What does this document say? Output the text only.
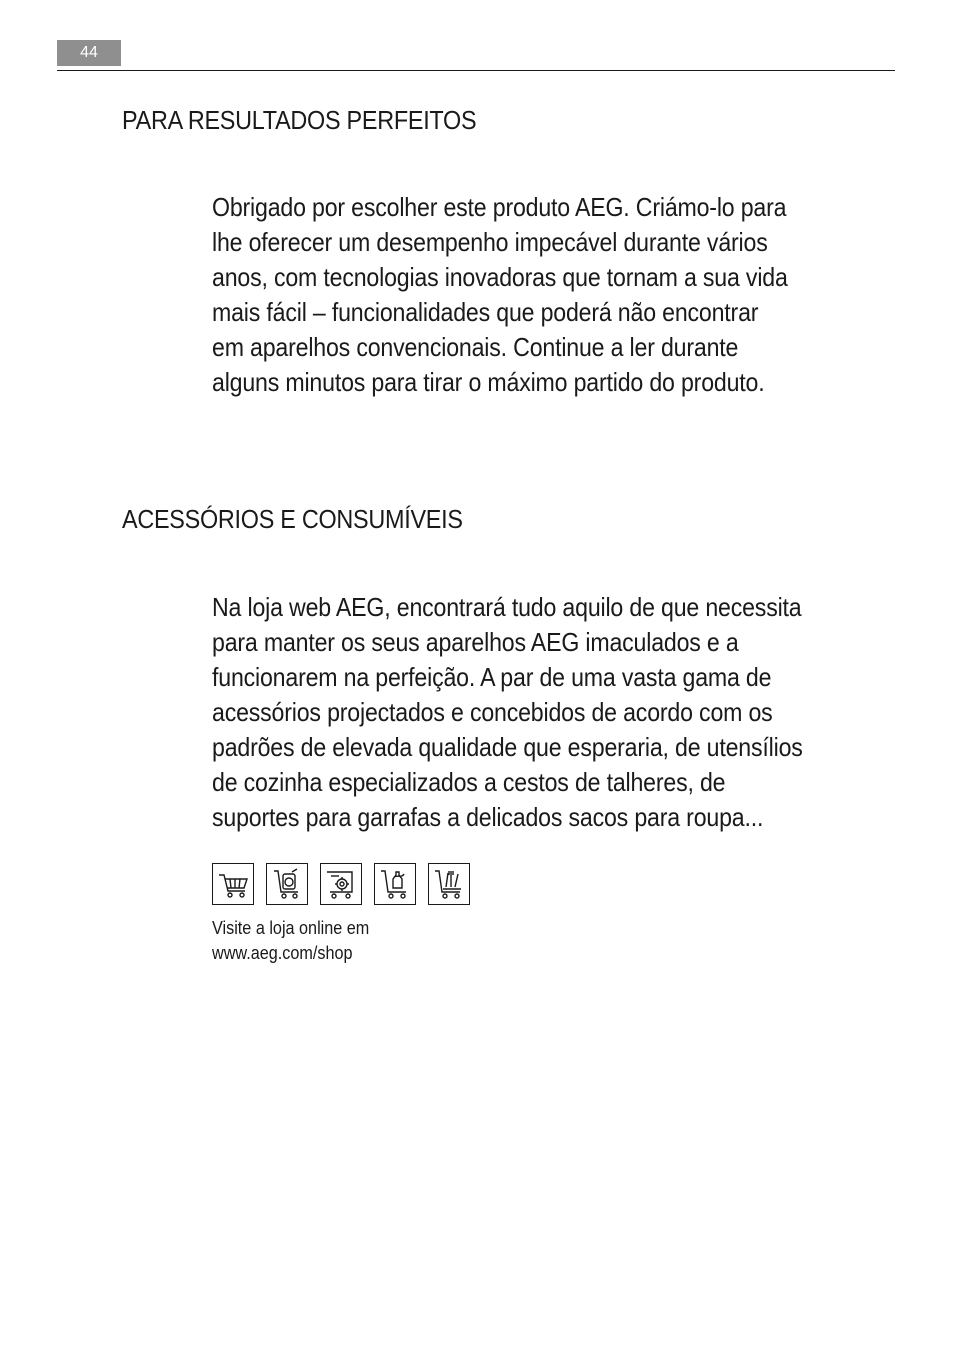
44
PARA RESULTADOS PERFEITOS

Obrigado por escolher este produto AEG. Criámo-lo para
lhe oferecer um desempenho impecável durante vários
anos, com tecnologias inovadoras que tornam a sua vida
mais fácil – funcionalidades que poderá não encontrar
em aparelhos convencionais. Continue a ler durante
alguns minutos para tirar o máximo partido do produto.

ACESSÓRIOS E CONSUMÍVEIS

Na loja web AEG, encontrará tudo aquilo de que necessita
para manter os seus aparelhos AEG imaculados e a
funcionarem na perfeição. A par de uma vasta gama de
acessórios projectados e concebidos de acordo com os
padrões de elevada qualidade que esperaria, de utensílios
de cozinha especializados a cestos de talheres, de
suportes para garrafas a delicados sacos para roupa...

Visite a loja online em
www.aeg.com/shop
